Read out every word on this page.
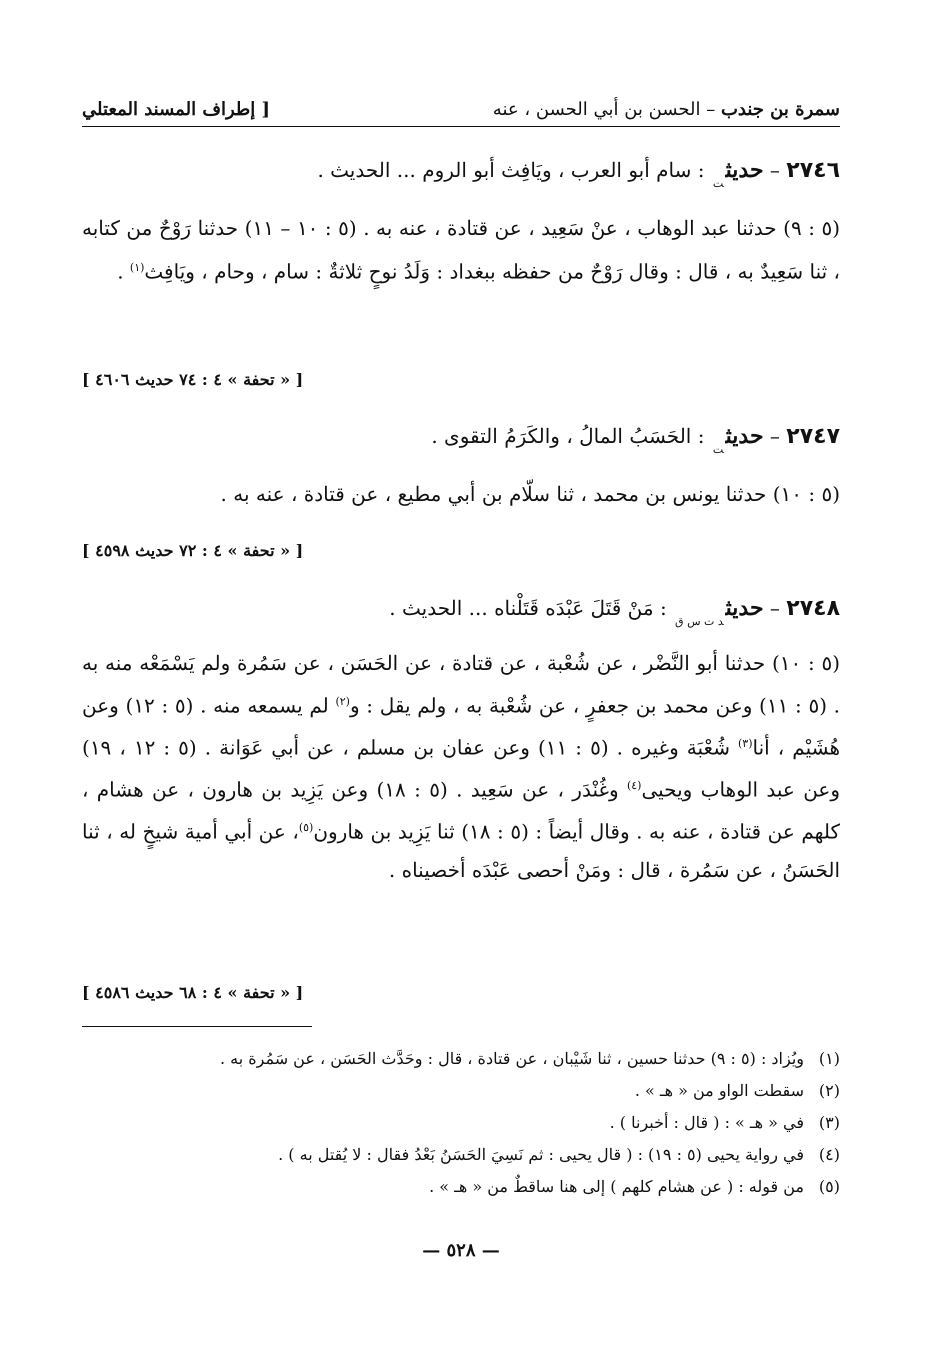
سمرة بن جندب – الحسن بن أبي الحسن ، عنه
[ إطراف المسند المعتلي
٢٧٤٦ – حديث$_ت$ : سام أبو العرب ، ويَافِث أبو الروم ... الحديث .
(٥ : ٩) حدثنا عبد الوهاب ، عنْ سَعِيد ، عن قتادة ، عنه به . (٥ : ١٠ – ١١) حدثنا رَوْحٌ من كتابه ، ثنا سَعِيدٌ به ، قال : وقال رَوْحٌ من حفظه ببغداد : وَلَدُ نوحٍ ثلاثةٌ : سام ، وحام ، ويَافِث$^{(١)}$ .
[ « تحفة » ٤ : ٧٤ حديث ٤٦٠٦ ]
٢٧٤٧ – حديث$_ت$ : الحَسَبُ المالُ ، والكَرَمُ التقوى .
(٥ : ١٠) حدثنا يونس بن محمد ، ثنا سلّام بن أبي مطيع ، عن قتادة ، عنه به .
[ « تحفة » ٤ : ٧٢ حديث ٤٥٩٨ ]
٢٧٤٨ – حديث$_{د ت س ق}$ : مَنْ قَتَلَ عَبْدَه قَتَلْناه ... الحديث .
(٥ : ١٠) حدثنا أبو النَّضْر ، عن شُعْبة ، عن قتادة ، عن الحَسَن ، عن سَمُرة ولم يَسْمَعْه منه به . (٥ : ١١) وعن محمد بن جعفرٍ ، عن شُعْبة به ، ولم يقل : و$^{(٢)}$ لم يسمعه منه . (٥ : ١٢) وعن هُشَيْم ، أنا$^{(٣)}$ شُعْبَة وغيره . (٥ : ١١) وعن عفان بن مسلم ، عن أبي عَوَانة . (٥ : ١٢ ، ١٩) وعن عبد الوهاب ويحيى$^{(٤)}$ وغُنْدَر ، عن سَعِيد . (٥ : ١٨) وعن يَزِيد بن هارون ، عن هشام ، كلهم عن قتادة ، عنه به . وقال أيضاً : (٥ : ١٨) ثنا يَزِيد بن هارون$^{(٥)}$، عن أبي أمية شيخٍ له ، ثنا الحَسَنُ ، عن سَمُرة ، قال : ومَنْ أحصى عَبْدَه أخصيناه .
[ « تحفة » ٤ : ٦٨ حديث ٤٥٨٦ ]
(١)ويُزاد : (٥ : ٩) حدثنا حسين ، ثنا شَيْبان ، عن قتادة ، قال : وحَدَّث الحَسَن ، عن سَمُرة به .
(٢)سقطت الواو من « هـ » .
(٣)في « هـ » : ( قال : أخبرنا ) .
(٤)في رواية يحيى (٥ : ١٩) : ( قال يحيى : ثم نَسِيَ الحَسَنُ بَعْدُ فقال : لا يُقتل به ) .
(٥)من قوله : ( عن هشام كلهم ) إلى هنا ساقطٌ من « هـ » .
— ٥٢٨ —
